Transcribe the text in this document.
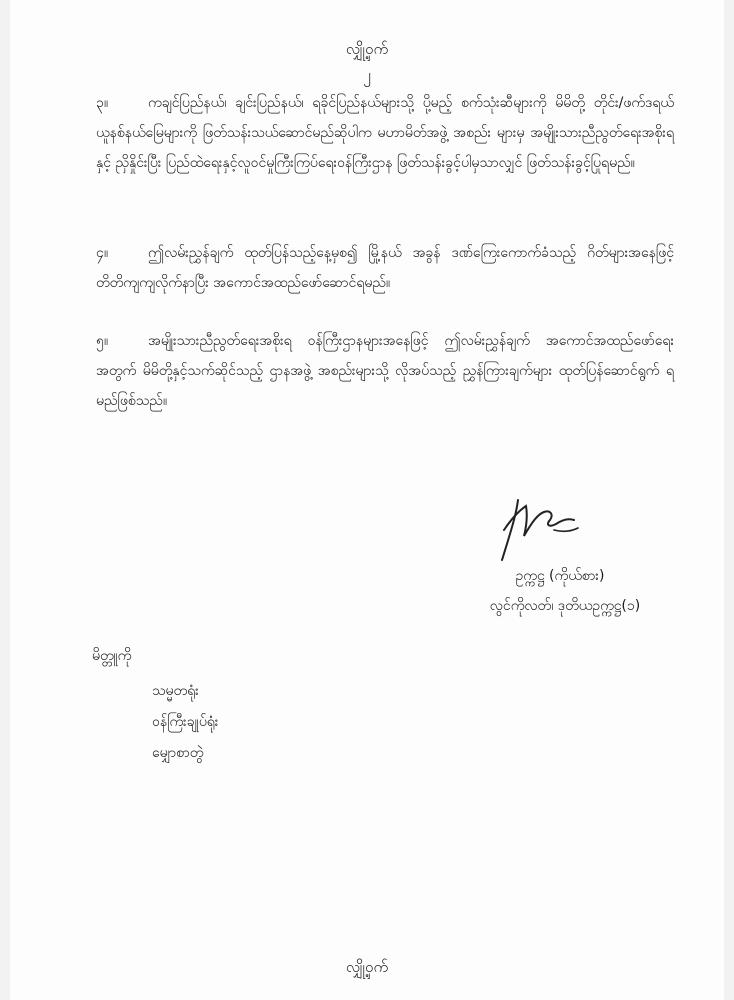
လျှို့ဝှက်
၂
၃။	ကချင်ပြည်နယ်၊ ချင်းပြည်နယ်၊ ရခိုင်ပြည်နယ်များသို့ ပို့မည့် စက်သုံးဆီများကို မိမိတို့ တိုင်း/ဖက်ဒရယ်ယူနစ်နယ်မြေများကို ဖြတ်သန်းသယ်ဆောင်မည်ဆိုပါက မဟာမိတ်အဖွဲ့ အစည်း များမှ အမျိုးသားညီညွတ်ရေးအစိုးရနှင့် ညှိနှိုင်းပြီး ပြည်ထဲရေးနှင့်လူဝင်မှုကြီးကြပ်ရေးဝန်ကြီးဌာန ဖြတ်သန်းခွင့်ပါမှသာလျှင် ဖြတ်သန်းခွင့်ပြုရမည်။
၄။	ဤလမ်းညွှန်ချက် ထုတ်ပြန်သည့်နေ့မှစ၍ မြို့နယ် အခွန် ဒဏ်ကြေးကောက်ခံသည့် ဂိတ်များအနေဖြင့် တိတိကျကျလိုက်နာပြီး အကောင်အထည်ဖော်ဆောင်ရမည်။
၅။	အမျိုးသားညီညွတ်ရေးအစိုးရ ဝန်ကြီးဌာနများအနေဖြင့် ဤလမ်းညွှန်ချက် အကောင်အထည်ဖော်ရေးအတွက် မိမိတို့နှင့်သက်ဆိုင်သည့် ဌာနအဖွဲ့ အစည်းများသို့ လိုအပ်သည့် ညွှန်ကြားချက်များ ထုတ်ပြန်ဆောင်ရွက် ရမည်ဖြစ်သည်။
ဥက္ကဋ္ဌ (ကိုယ်စား)
လွင်ကိုလတ်၊ ဒုတိယဥက္ကဋ္ဌ(၁)
မိတ္တူကို
သမ္မတရုံး
ဝန်ကြီးချုပ်ရုံး
မျှောစာတွဲ
လျှို့ဝှက်
